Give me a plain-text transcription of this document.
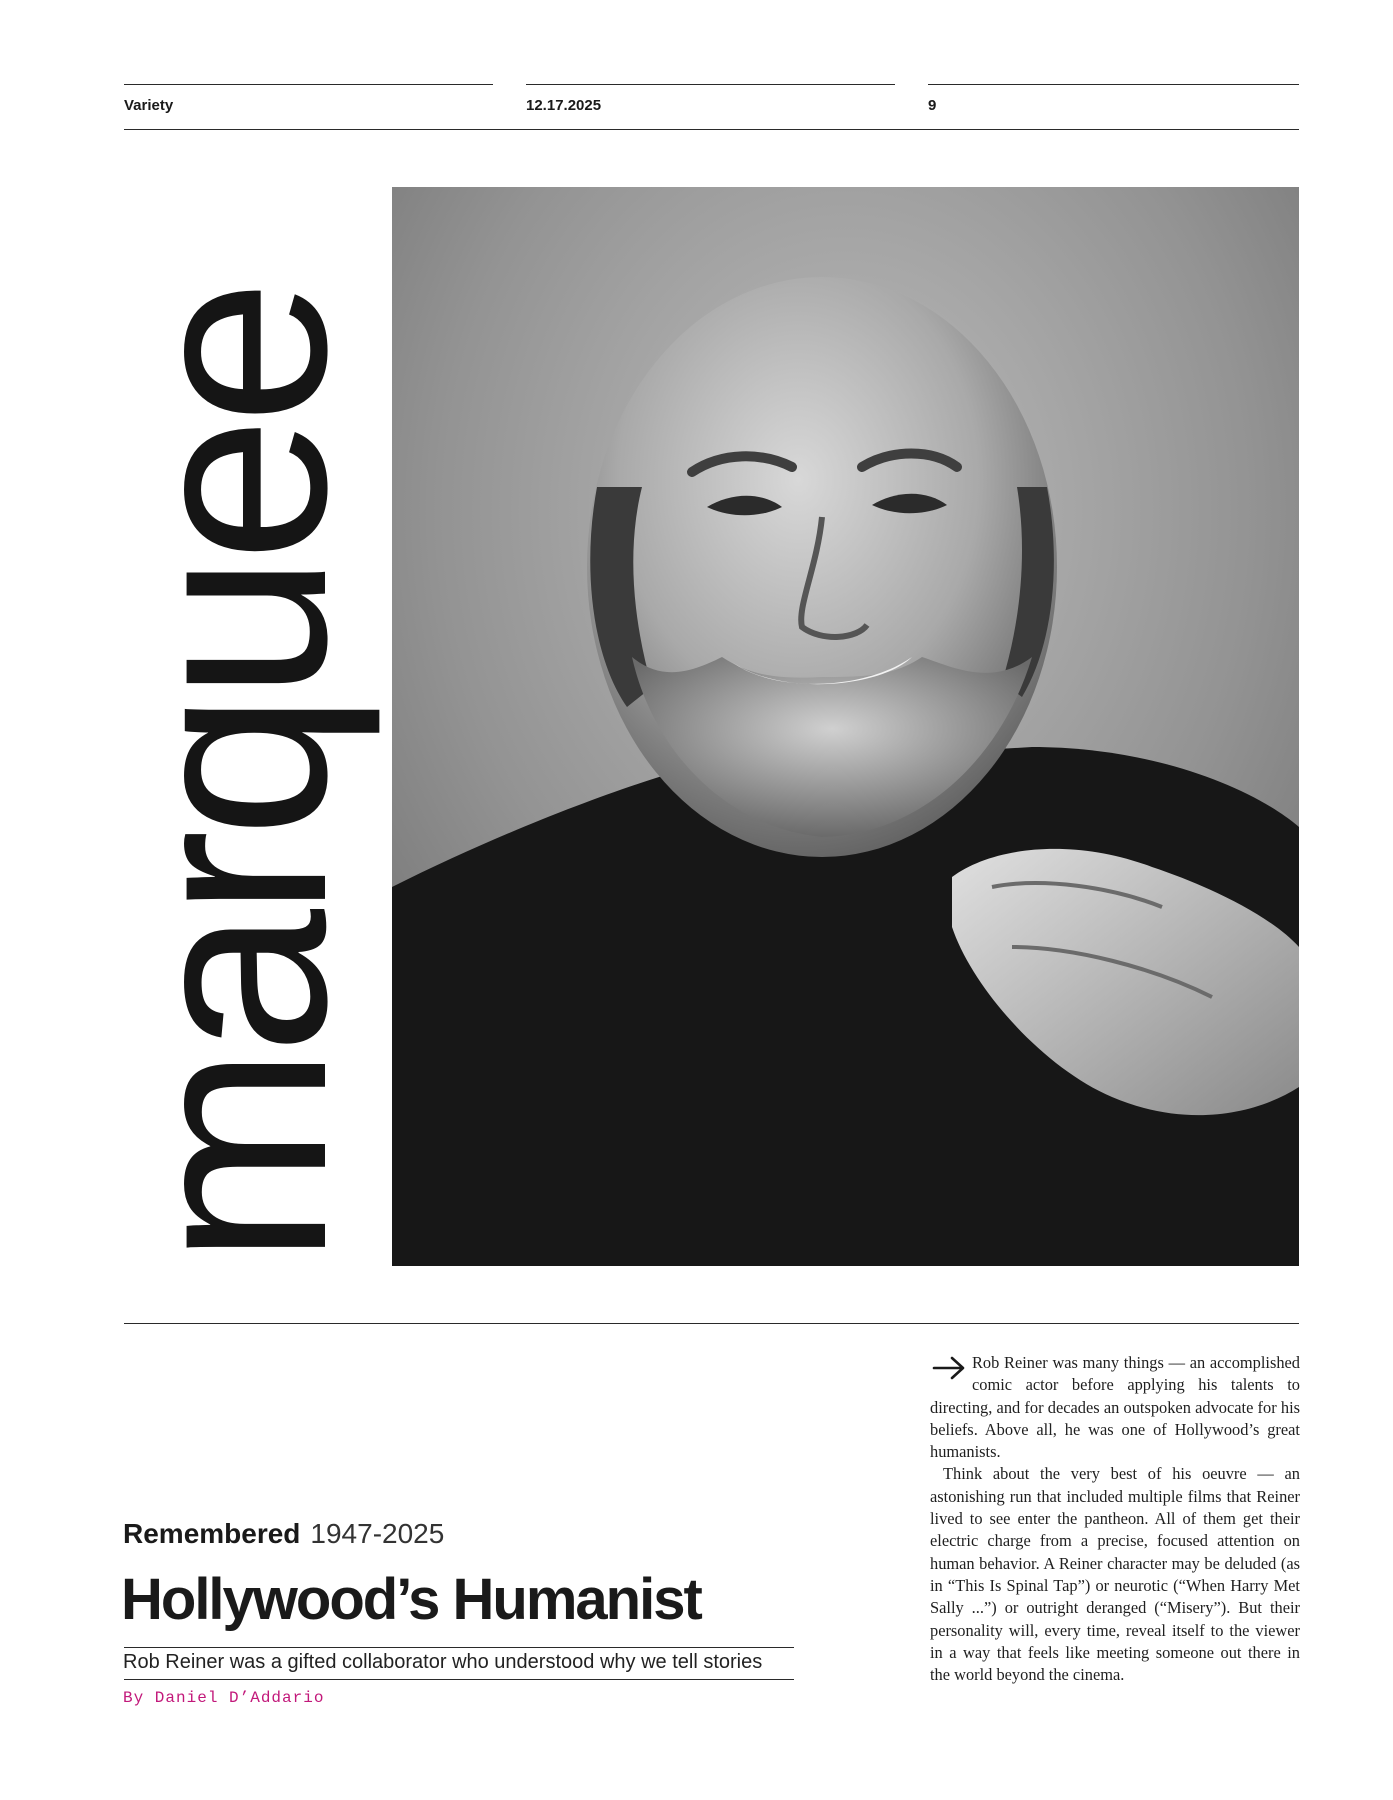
Variety	12.17.2025	9
marquee
Remembered 1947-2025
Hollywood’s Humanist
Rob Reiner was a gifted collaborator who understood why we tell stories
By Daniel D’Addario

Rob Reiner was many things — an accomplished comic actor before applying his talents to directing, and for decades an outspoken advocate for his beliefs. Above all, he was one of Hollywood’s great humanists.

Think about the very best of his oeuvre — an astonishing run that included multiple films that Reiner lived to see enter the pantheon. All of them get their electric charge from a precise, focused attention on human behavior. A Reiner character may be deluded (as in “This Is Spinal Tap”) or neurotic (“When Harry Met Sally ...”) or outright deranged (“Misery”). But their personality will, every time, reveal itself to the viewer in a way that feels like meeting someone out there in the world beyond the cinema.
